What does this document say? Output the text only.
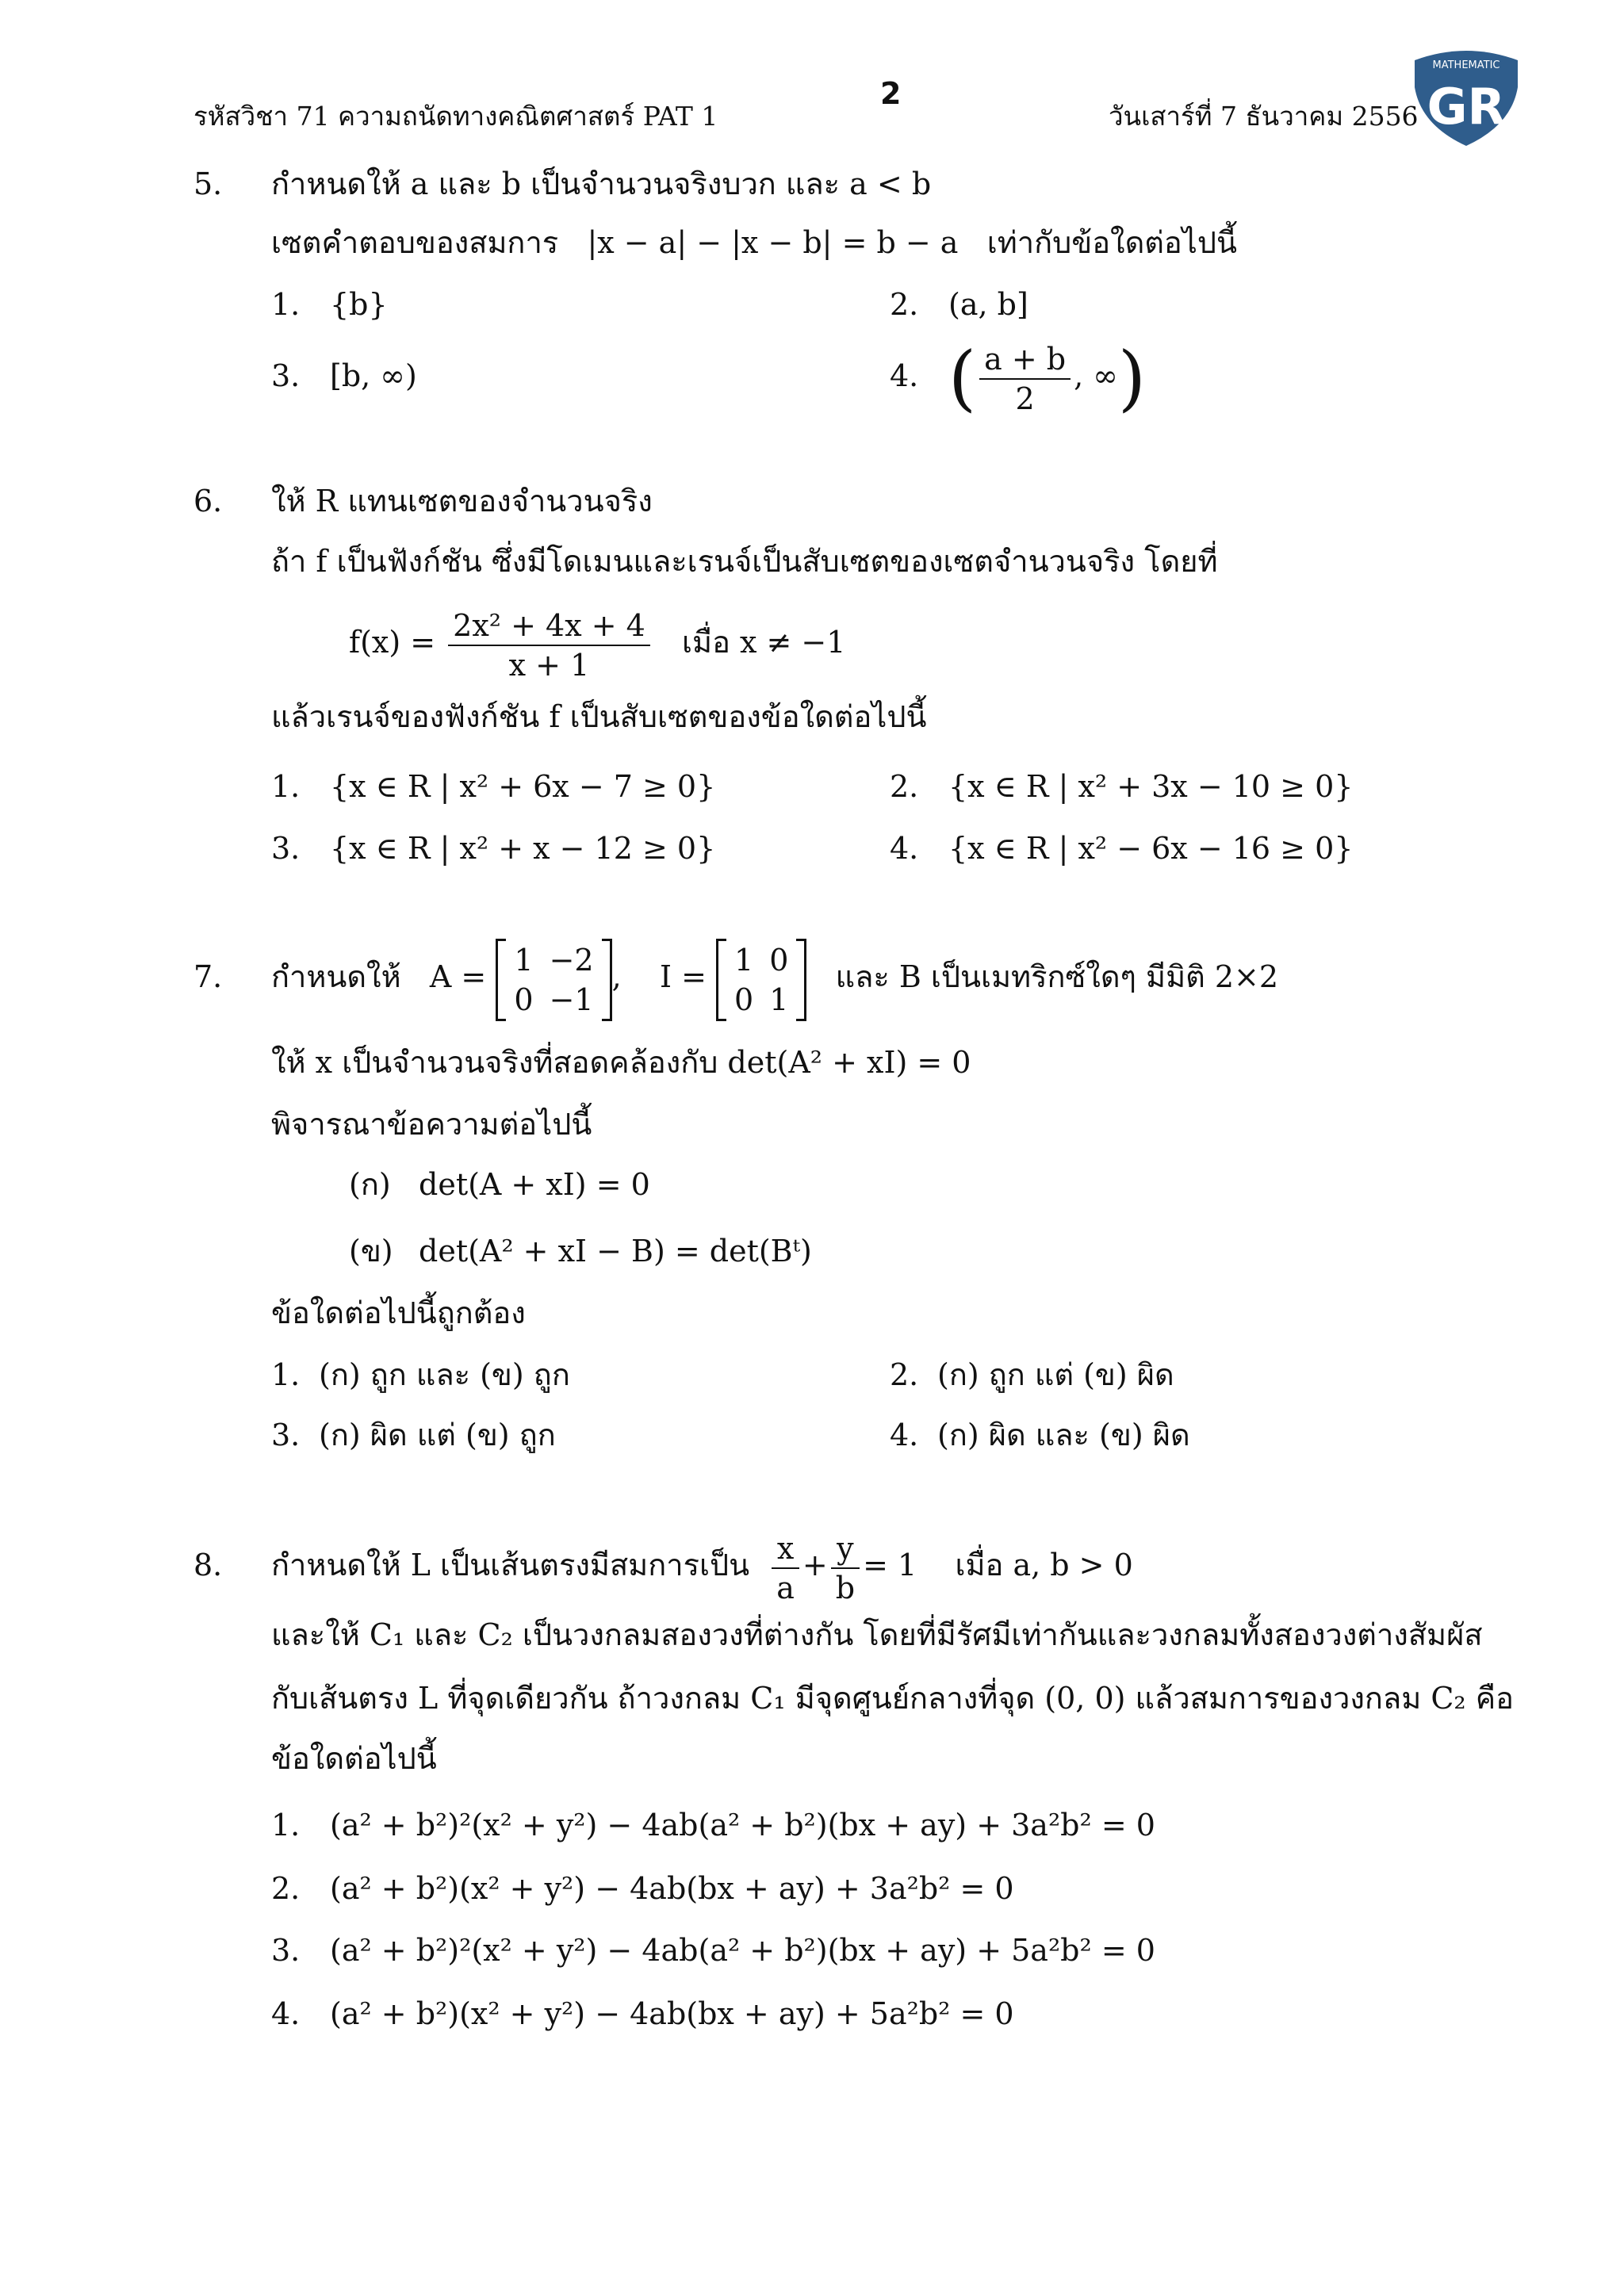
รหัสวิชา 71 ความถนัดทางคณิตศาสตร์ PAT 1
2
วันเสาร์ที่ 7 ธันวาคม 2556
MATHEMATIC
GR
5. กำหนดให้ a และ b เป็นจำนวนจริงบวก และ a < b
เซตคำตอบของสมการ |x − a| − |x − b| = b − a เท่ากับข้อใดต่อไปนี้
1. {b}	2. (a, b]
3. [b, ∞)	4. ( $\frac{a + b}{2}$ , ∞)
6. ให้ R แทนเซตของจำนวนจริง
ถ้า f เป็นฟังก์ชัน ซึ่งมีโดเมนและเรนจ์เป็นสับเซตของเซตจำนวนจริง โดยที่
$f(x) = \frac{\text{2x² + 4x + 4}}{x + 1}$ เมื่อ x ≠ −1
แล้วเรนจ์ของฟังก์ชัน f เป็นสับเซตของข้อใดต่อไปนี้
1. {x ∈ R | x² + 6x − 7 ≥ 0}	2. {x ∈ R | x² + 3x − 10 ≥ 0}
3. {x ∈ R | x² + x − 12 ≥ 0}	4. {x ∈ R | x² − 6x − 16 ≥ 0}
7. กำหนดให้ A = 1	−2
0	−1
,    I = 1	0
0	1
และ B เป็นเมทริกซ์ใดๆ มีมิติ 2×2
ให้ x เป็นจำนวนจริงที่สอดคล้องกับ det(A² + xI) = 0
พิจารณาข้อความต่อไปนี้
(ก) det(A + xI) = 0
(ข) det(A² + xI − B) = det(Bᵗ)
ข้อใดต่อไปนี้ถูกต้อง
1. (ก) ถูก และ (ข) ถูก	2. (ก) ถูก แต่ (ข) ผิด
3. (ก) ผิด แต่ (ข) ถูก	4. (ก) ผิด และ (ข) ผิด
8. กำหนดให้ L เป็นเส้นตรงมีสมการเป็น $\frac{x}{a} + \frac{y}{b} = 1$ เมื่อ a, b > 0
และให้ C₁ และ C₂ เป็นวงกลมสองวงที่ต่างกัน โดยที่มีรัศมีเท่ากันและวงกลมทั้งสองวงต่างสัมผัส
กับเส้นตรง L ที่จุดเดียวกัน ถ้าวงกลม C₁ มีจุดศูนย์กลางที่จุด (0, 0) แล้วสมการของวงกลม C₂ คือ
ข้อใดต่อไปนี้
1. (a² + b²)²(x² + y²) − 4ab(a² + b²)(bx + ay) + 3a²b² = 0
2. (a² + b²)(x² + y²) − 4ab(bx + ay) + 3a²b² = 0
3. (a² + b²)²(x² + y²) − 4ab(a² + b²)(bx + ay) + 5a²b² = 0
4. (a² + b²)(x² + y²) − 4ab(bx + ay) + 5a²b² = 0
